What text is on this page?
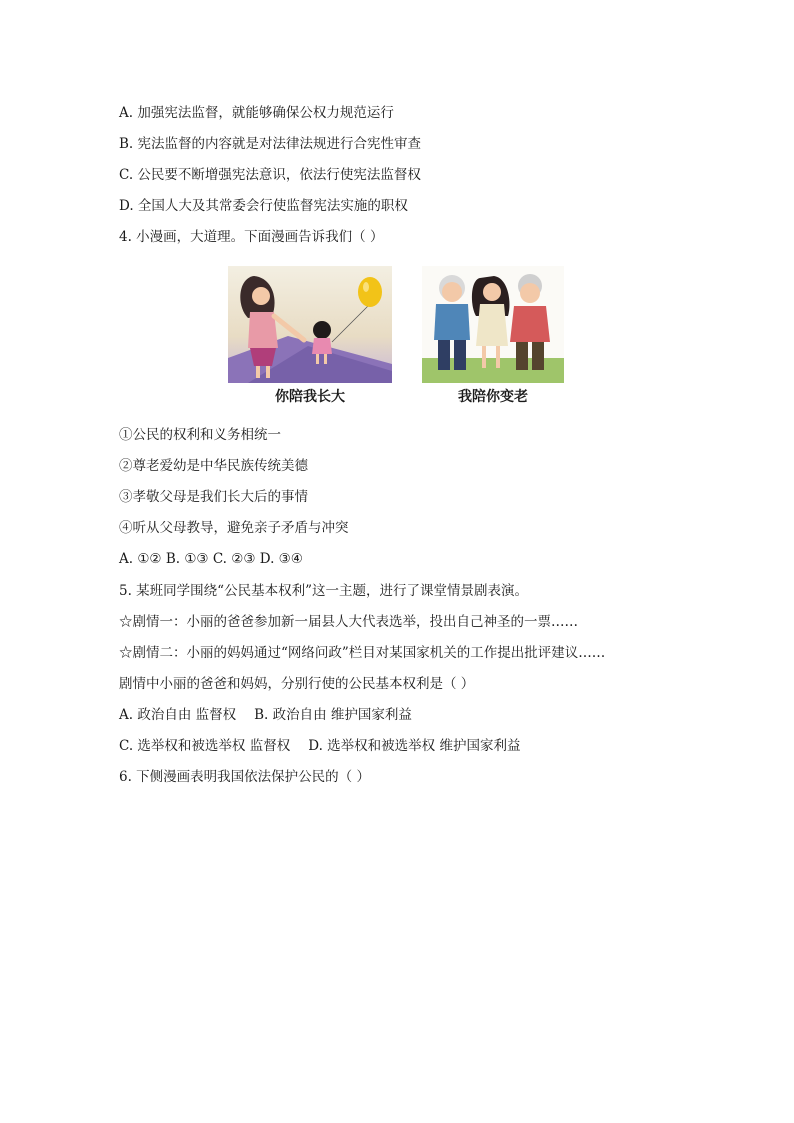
A. 加强宪法监督，就能够确保公权力规范运行
B. 宪法监督的内容就是对法律法规进行合宪性审查
C. 公民要不断增强宪法意识，依法行使宪法监督权
D. 全国人大及其常委会行使监督宪法实施的职权
4. 小漫画，大道理。下面漫画告诉我们（ ）
你陪我长大	我陪你变老
①公民的权利和义务相统一
②尊老爱幼是中华民族传统美德
③孝敬父母是我们长大后的事情
④听从父母教导，避免亲子矛盾与冲突
A. ①② B. ①③ C. ②③ D. ③④
5. 某班同学围绕“公民基本权利”这一主题，进行了课堂情景剧表演。
☆剧情一：小丽的爸爸参加新一届县人大代表选举，投出自己神圣的一票……
☆剧情二：小丽的妈妈通过“网络问政”栏目对某国家机关的工作提出批评建议……
剧情中小丽的爸爸和妈妈，分别行使的公民基本权利是（ ）
A. 政治自由 监督权 B. 政治自由 维护国家利益
C. 选举权和被选举权 监督权 D. 选举权和被选举权 维护国家利益
6. 下侧漫画表明我国依法保护公民的（ ）
